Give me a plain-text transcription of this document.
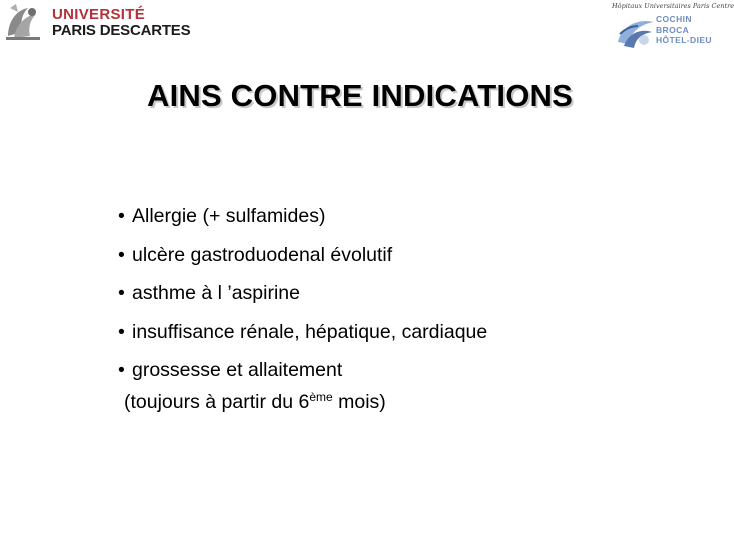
UNIVERSITÉ
PARIS DESCARTES
Hôpitaux Universitaires Paris Centre
COCHIN
BROCA
HÔTEL-DIEU
AINS CONTRE INDICATIONS
• Allergie (+ sulfamides)
• ulcère gastroduodenal évolutif
• asthme à l ’aspirine
• insuffisance rénale, hépatique, cardiaque
• grossesse et allaitement
(toujours à partir du 6ème mois)
